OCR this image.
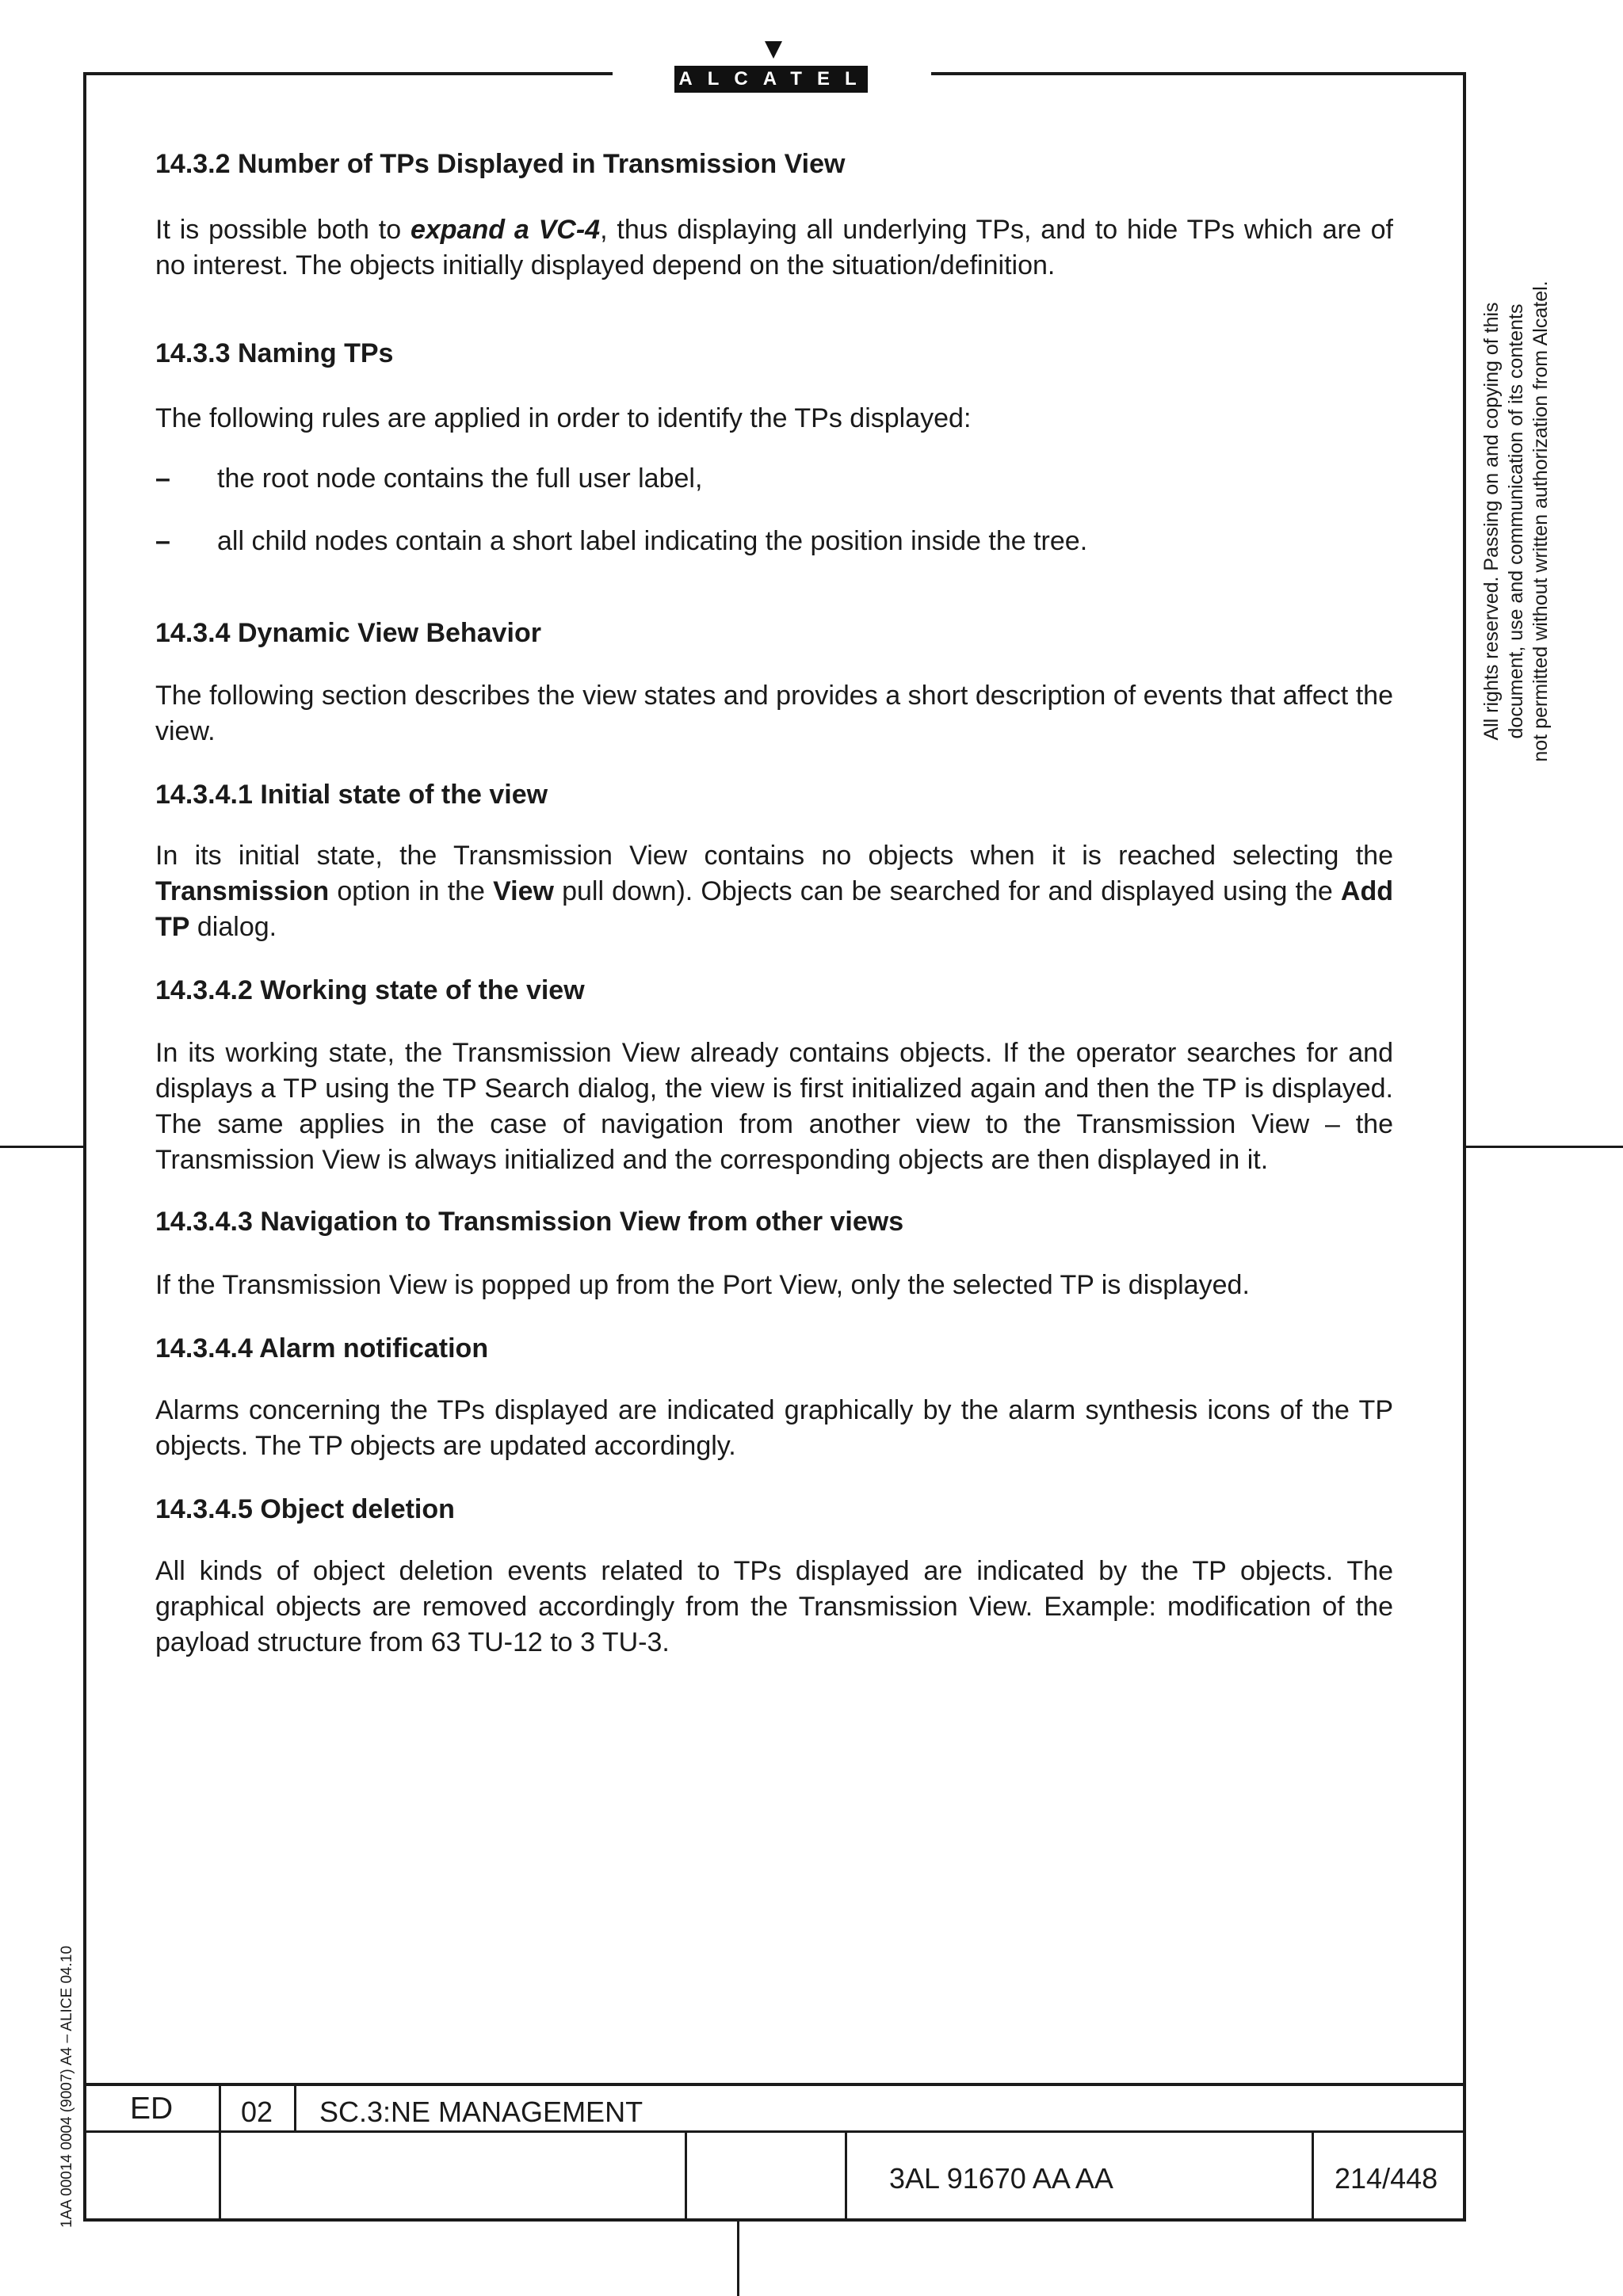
ALCATEL
14.3.2 Number of TPs Displayed in Transmission View
It is possible both to expand a VC-4, thus displaying all underlying TPs, and to hide TPs which are of no interest. The objects initially displayed depend on the situation/definition.
14.3.3 Naming TPs
The following rules are applied in order to identify the TPs displayed:
– the root node contains the full user label,
– all child nodes contain a short label indicating the position inside the tree.
14.3.4 Dynamic View Behavior
The following section describes the view states and provides a short description of events that affect the view.
14.3.4.1 Initial state of the view
In its initial state, the Transmission View contains no objects when it is reached selecting the Transmission option in the View pull down). Objects can be searched for and displayed using the Add TP dialog.
14.3.4.2 Working state of the view
In its working state, the Transmission View already contains objects. If the operator searches for and displays a TP using the TP Search dialog, the view is first initialized again and then the TP is displayed. The same applies in the case of navigation from another view to the Transmission View – the Transmission View is always initialized and the corresponding objects are then displayed in it.
14.3.4.3 Navigation to Transmission View from other views
If the Transmission View is popped up from the Port View, only the selected TP is displayed.
14.3.4.4 Alarm notification
Alarms concerning the TPs displayed are indicated graphically by the alarm synthesis icons of the TP objects. The TP objects are updated accordingly.
14.3.4.5 Object deletion
All kinds of object deletion events related to TPs displayed are indicated by the TP objects. The graphical objects are removed accordingly from the Transmission View. Example: modification of the payload structure from 63 TU-12 to 3 TU-3.
All rights reserved. Passing on and copying of this document, use and communication of its contents not permitted without written authorization from Alcatel.
1AA 00014 0004 (9007) A4 – ALICE 04.10 ED 02 SC.3:NE MANAGEMENT
3AL 91670 AA AA	214/448
